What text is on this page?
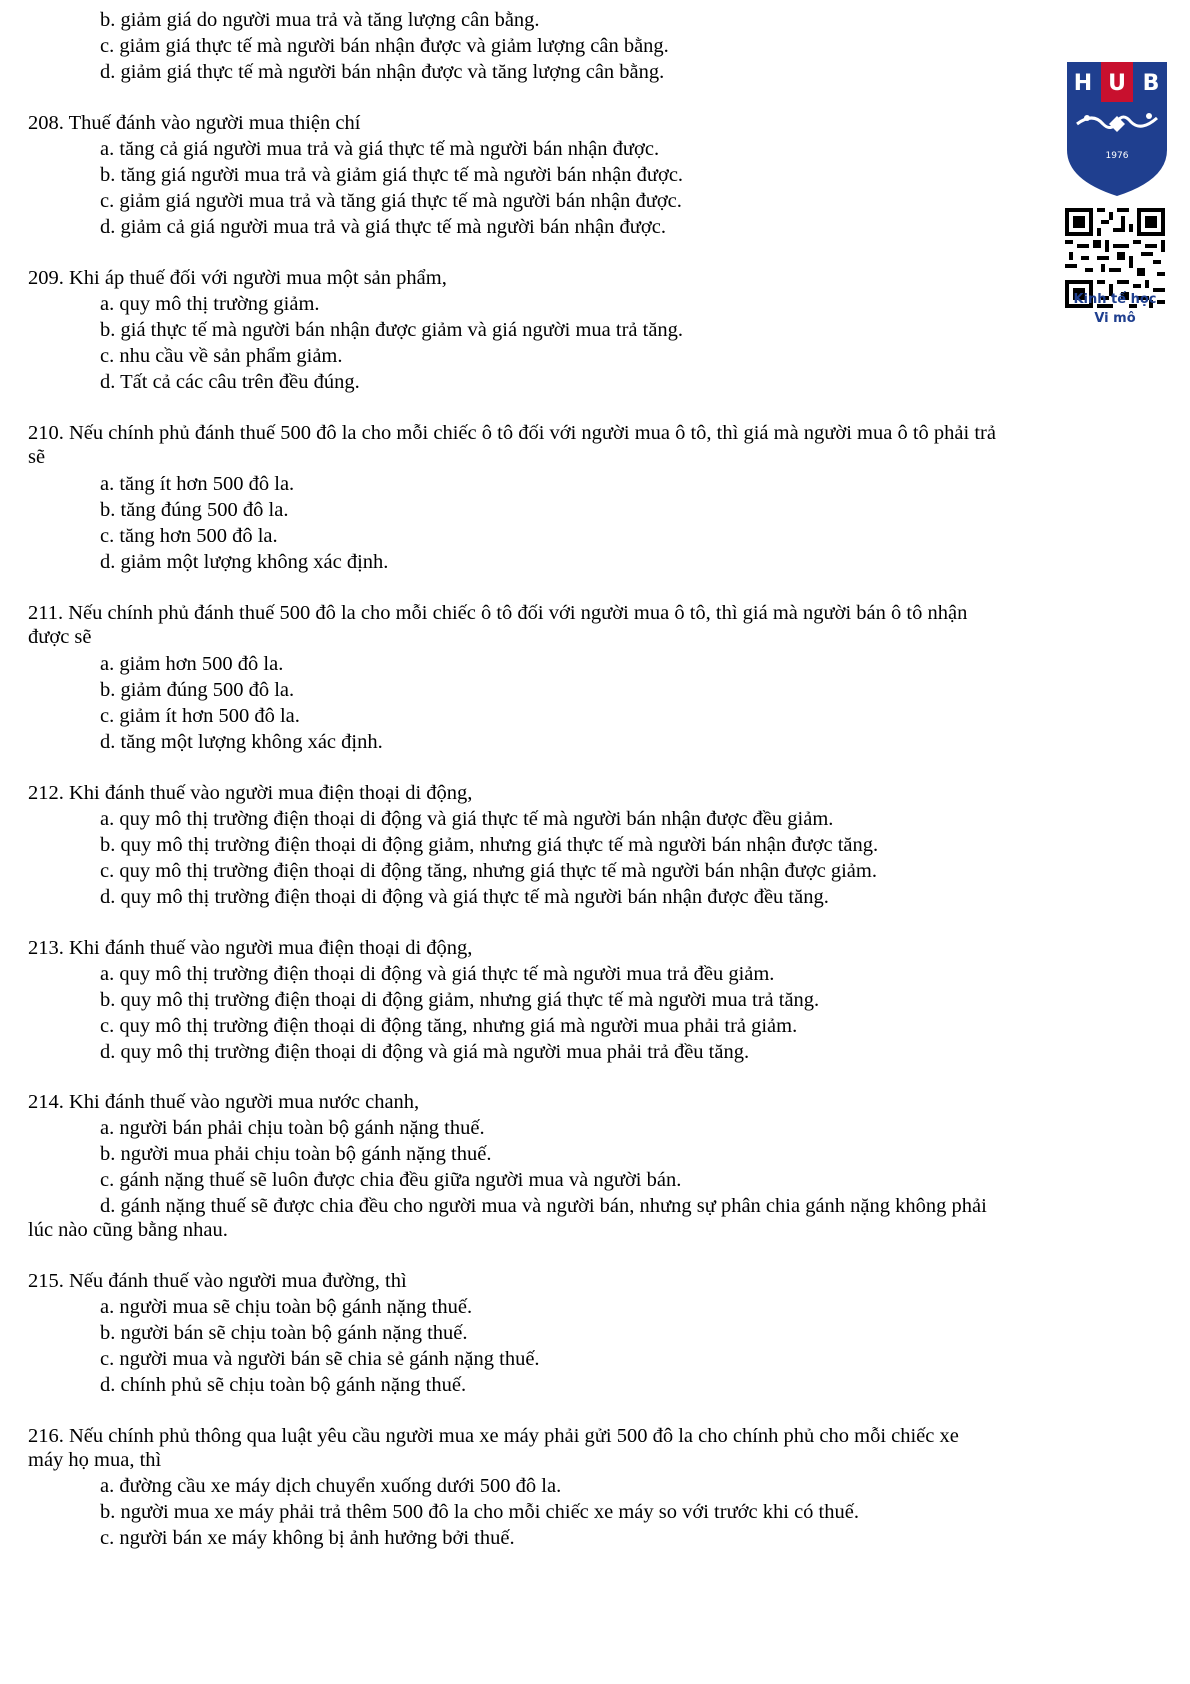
b. giảm giá do người mua trả và tăng lượng cân bằng.
c. giảm giá thực tế mà người bán nhận được và giảm lượng cân bằng.
d. giảm giá thực tế mà người bán nhận được và tăng lượng cân bằng.
208. Thuế đánh vào người mua thiện chí
a. tăng cả giá người mua trả và giá thực tế mà người bán nhận được.
b. tăng giá người mua trả và giảm giá thực tế mà người bán nhận được.
c. giảm giá người mua trả và tăng giá thực tế mà người bán nhận được.
d. giảm cả giá người mua trả và giá thực tế mà người bán nhận được.
209. Khi áp thuế đối với người mua một sản phẩm,
a. quy mô thị trường giảm.
b. giá thực tế mà người bán nhận được giảm và giá người mua trả tăng.
c. nhu cầu về sản phẩm giảm.
d. Tất cả các câu trên đều đúng.
210. Nếu chính phủ đánh thuế 500 đô la cho mỗi chiếc ô tô đối với người mua ô tô, thì giá mà người mua ô tô phải trả
sẽ
a. tăng ít hơn 500 đô la.
b. tăng đúng 500 đô la.
c. tăng hơn 500 đô la.
d. giảm một lượng không xác định.
211. Nếu chính phủ đánh thuế 500 đô la cho mỗi chiếc ô tô đối với người mua ô tô, thì giá mà người bán ô tô nhận
được sẽ
a. giảm hơn 500 đô la.
b. giảm đúng 500 đô la.
c. giảm ít hơn 500 đô la.
d. tăng một lượng không xác định.
212. Khi đánh thuế vào người mua điện thoại di động,
a. quy mô thị trường điện thoại di động và giá thực tế mà người bán nhận được đều giảm.
b. quy mô thị trường điện thoại di động giảm, nhưng giá thực tế mà người bán nhận được tăng.
c. quy mô thị trường điện thoại di động tăng, nhưng giá thực tế mà người bán nhận được giảm.
d. quy mô thị trường điện thoại di động và giá thực tế mà người bán nhận được đều tăng.
213. Khi đánh thuế vào người mua điện thoại di động,
a. quy mô thị trường điện thoại di động và giá thực tế mà người mua trả đều giảm.
b. quy mô thị trường điện thoại di động giảm, nhưng giá thực tế mà người mua trả tăng.
c. quy mô thị trường điện thoại di động tăng, nhưng giá mà người mua phải trả giảm.
d. quy mô thị trường điện thoại di động và giá mà người mua phải trả đều tăng.
214. Khi đánh thuế vào người mua nước chanh,
a. người bán phải chịu toàn bộ gánh nặng thuế.
b. người mua phải chịu toàn bộ gánh nặng thuế.
c. gánh nặng thuế sẽ luôn được chia đều giữa người mua và người bán.
d. gánh nặng thuế sẽ được chia đều cho người mua và người bán, nhưng sự phân chia gánh nặng không phải
lúc nào cũng bằng nhau.
215. Nếu đánh thuế vào người mua đường, thì
a. người mua sẽ chịu toàn bộ gánh nặng thuế.
b. người bán sẽ chịu toàn bộ gánh nặng thuế.
c. người mua và người bán sẽ chia sẻ gánh nặng thuế.
d. chính phủ sẽ chịu toàn bộ gánh nặng thuế.
216. Nếu chính phủ thông qua luật yêu cầu người mua xe máy phải gửi 500 đô la cho chính phủ cho mỗi chiếc xe
máy họ mua, thì
a. đường cầu xe máy dịch chuyển xuống dưới 500 đô la.
b. người mua xe máy phải trả thêm 500 đô la cho mỗi chiếc xe máy so với trước khi có thuế.
c. người bán xe máy không bị ảnh hưởng bởi thuế.
H U B
1976
Kinh tế học
Vi mô
